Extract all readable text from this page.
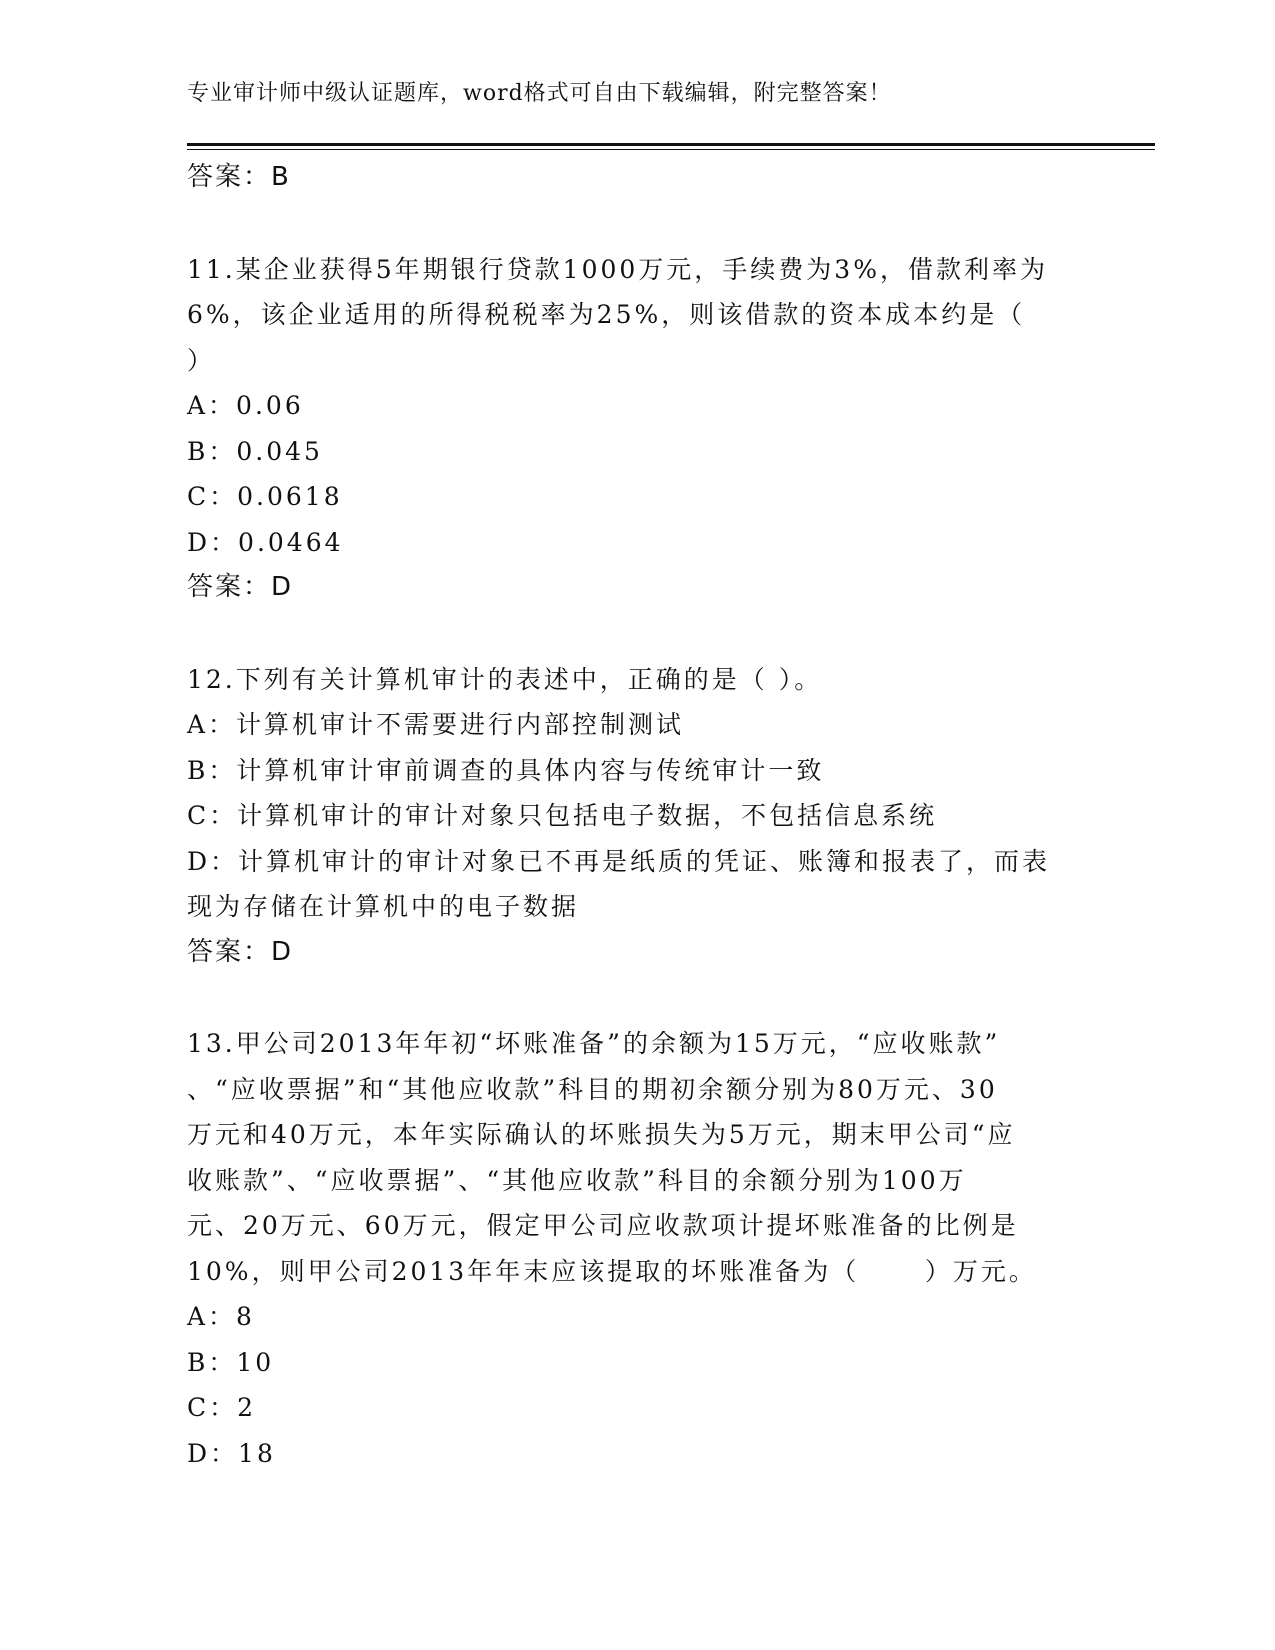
专业审计师中级认证题库，word格式可自由下载编辑，附完整答案！

答案：B

11.某企业获得5年期银行贷款1000万元，手续费为3%，借款利率为

6%，该企业适用的所得税税率为25%，则该借款的资本成本约是（

）

A：0.06

B：0.045

C：0.0618

D：0.0464

答案：D

12.下列有关计算机审计的表述中，正确的是（ ）。

A：计算机审计不需要进行内部控制测试

B：计算机审计审前调查的具体内容与传统审计一致

C：计算机审计的审计对象只包括电子数据，不包括信息系统

D：计算机审计的审计对象已不再是纸质的凭证、账簿和报表了，而表

现为存储在计算机中的电子数据

答案：D

13.甲公司2013年年初“坏账准备”的余额为15万元，“应收账款”

、“应收票据”和“其他应收款”科目的期初余额分别为80万元、30

万元和40万元，本年实际确认的坏账损失为5万元，期末甲公司“应

收账款”、“应收票据”、“其他应收款”科目的余额分别为100万

元、20万元、60万元，假定甲公司应收款项计提坏账准备的比例是

10%，则甲公司2013年年末应该提取的坏账准备为（      ）万元。

A：8

B：10

C：2

D：18
